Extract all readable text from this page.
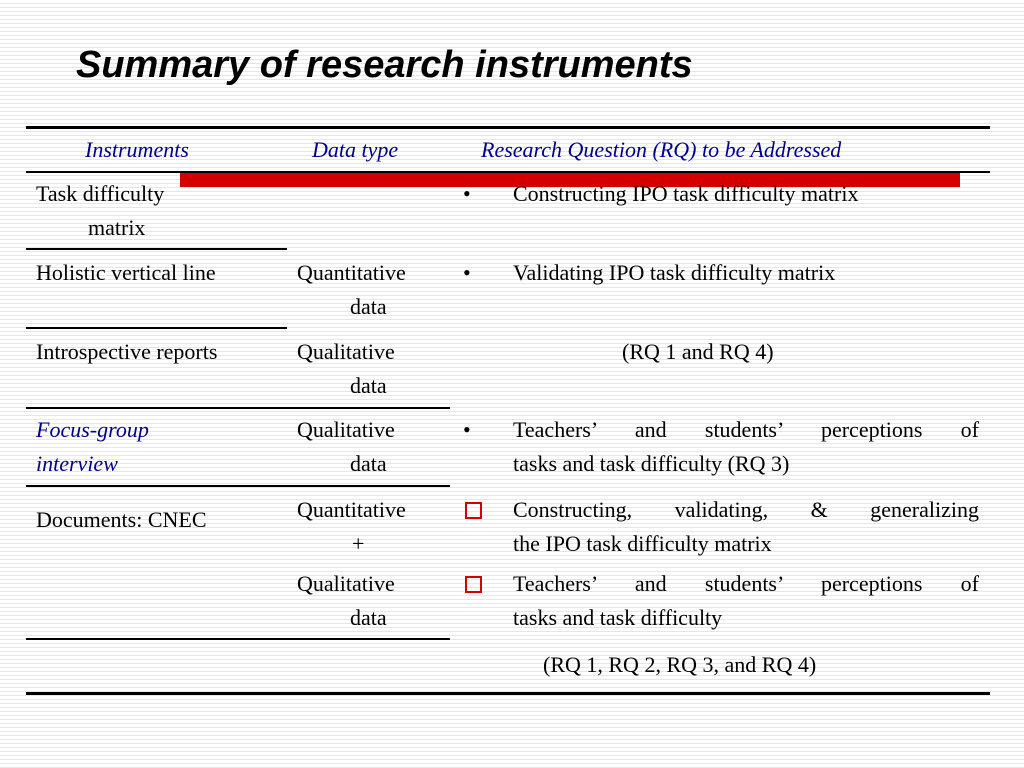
Summary of research instruments
Instruments	Data type	Research Question (RQ) to be Addressed
Task difficulty
matrix
Holistic vertical line
Introspective reports
Focus-group
interview
Documents: CNEC
Quantitative
data
Qualitative
data
Qualitative
data
Quantitative
+
Qualitative
data
• Constructing IPO task difficulty matrix
• Validating IPO task difficulty matrix
(RQ 1 and RQ 4)
• Teachers’ and students’ perceptions of
tasks and task difficulty (RQ 3)
Constructing, validating, & generalizing
the IPO task difficulty matrix
Teachers’ and students’ perceptions of
tasks and task difficulty
(RQ 1, RQ 2, RQ 3, and RQ 4)
